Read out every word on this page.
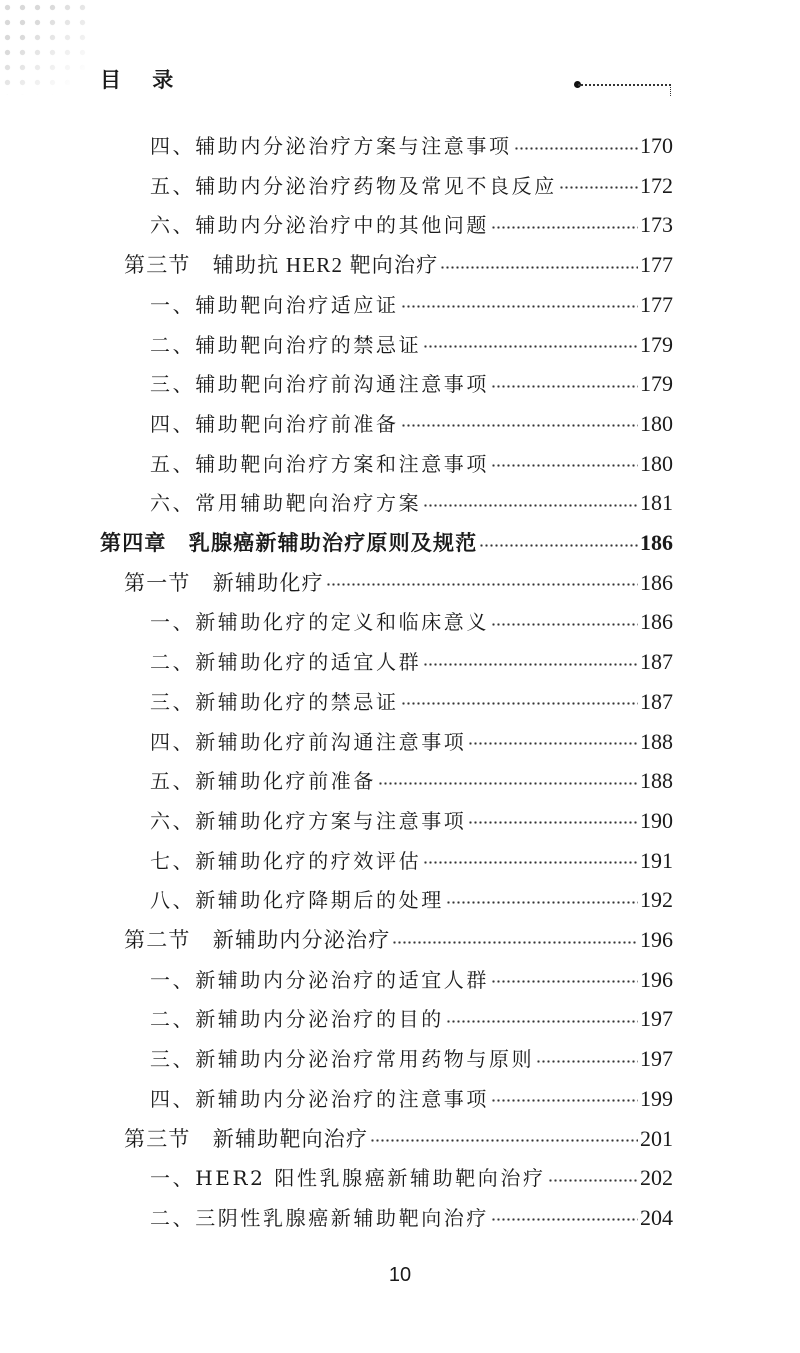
目 录
四、辅助内分泌治疗方案与注意事项	170
五、辅助内分泌治疗药物及常见不良反应	172
六、辅助内分泌治疗中的其他问题	173
第三节　辅助抗 HER2 靶向治疗	177
一、辅助靶向治疗适应证	177
二、辅助靶向治疗的禁忌证	179
三、辅助靶向治疗前沟通注意事项	179
四、辅助靶向治疗前准备	180
五、辅助靶向治疗方案和注意事项	180
六、常用辅助靶向治疗方案	181
第四章　乳腺癌新辅助治疗原则及规范	186
第一节　新辅助化疗	186
一、新辅助化疗的定义和临床意义	186
二、新辅助化疗的适宜人群	187
三、新辅助化疗的禁忌证	187
四、新辅助化疗前沟通注意事项	188
五、新辅助化疗前准备	188
六、新辅助化疗方案与注意事项	190
七、新辅助化疗的疗效评估	191
八、新辅助化疗降期后的处理	192
第二节　新辅助内分泌治疗	196
一、新辅助内分泌治疗的适宜人群	196
二、新辅助内分泌治疗的目的	197
三、新辅助内分泌治疗常用药物与原则	197
四、新辅助内分泌治疗的注意事项	199
第三节　新辅助靶向治疗	201
一、HER2 阳性乳腺癌新辅助靶向治疗	202
二、三阴性乳腺癌新辅助靶向治疗	204
10
